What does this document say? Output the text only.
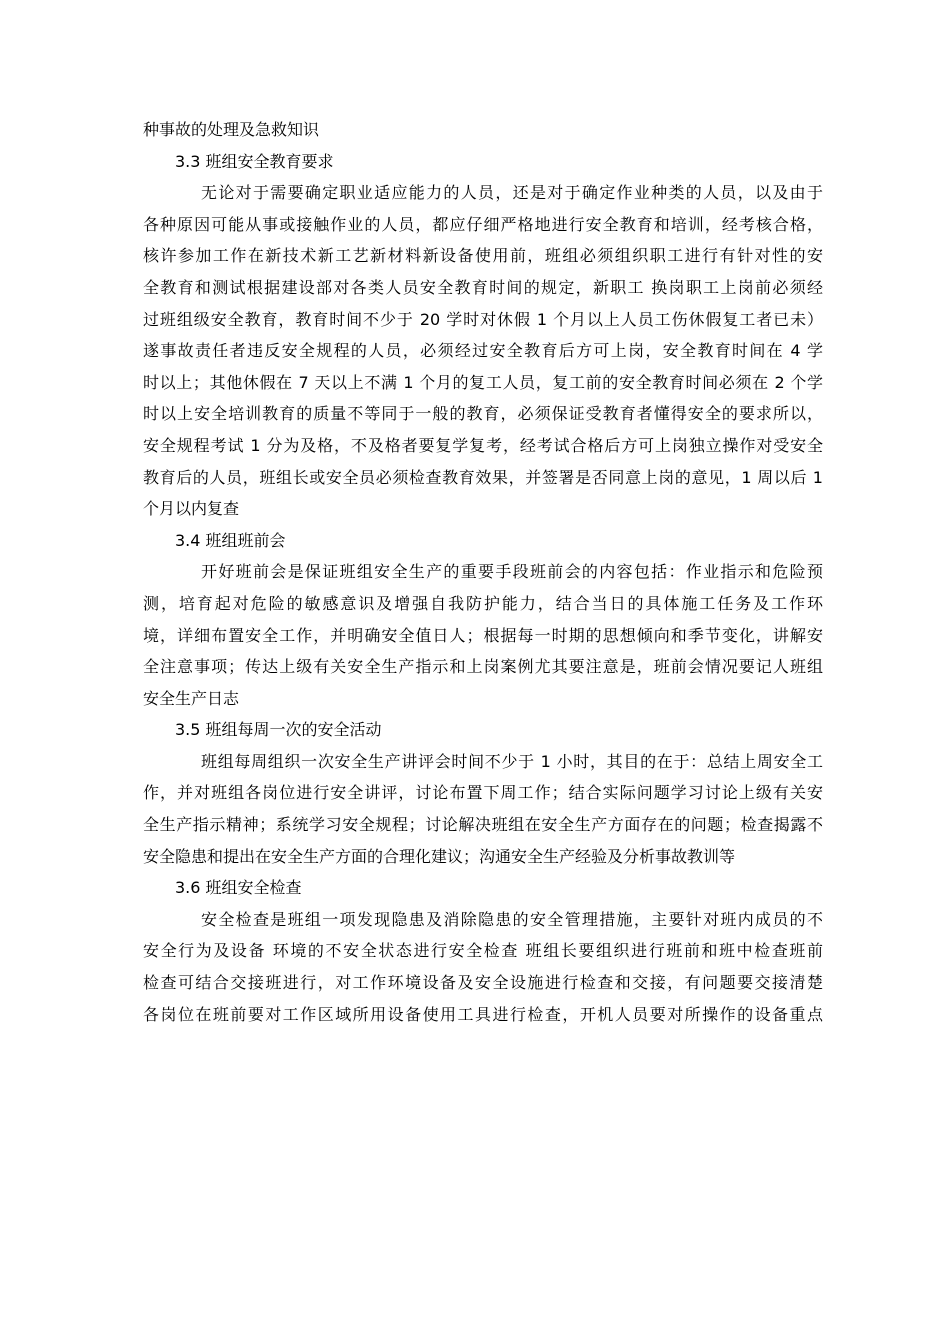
种事故的处理及急救知识
3.3 班组安全教育要求
无论对于需要确定职业适应能力的人员，还是对于确定作业种类的人员，以及由于
各种原因可能从事或接触作业的人员，都应仔细严格地进行安全教育和培训，经考核合格，
核许参加工作在新技术新工艺新材料新设备使用前，班组必须组织职工进行有针对性的安
全教育和测试根据建设部对各类人员安全教育时间的规定，新职工 换岗职工上岗前必须经
过班组级安全教育，教育时间不少于 20 学时对休假 1 个月以上人员工伤休假复工者已未）
遂事故责任者违反安全规程的人员，必须经过安全教育后方可上岗，安全教育时间在 4 学
时以上；其他休假在 7 天以上不满 1 个月的复工人员，复工前的安全教育时间必须在 2 个学
时以上安全培训教育的质量不等同于一般的教育，必须保证受教育者懂得安全的要求所以，
安全规程考试 1 分为及格，不及格者要复学复考，经考试合格后方可上岗独立操作对受安全
教育后的人员，班组长或安全员必须检查教育效果，并签署是否同意上岗的意见，1 周以后 1
个月以内复查
3.4 班组班前会
开好班前会是保证班组安全生产的重要手段班前会的内容包括：作业指示和危险预
测，培育起对危险的敏感意识及增强自我防护能力，结合当日的具体施工任务及工作环
境，详细布置安全工作，并明确安全值日人；根据每一时期的思想倾向和季节变化，讲解安
全注意事项；传达上级有关安全生产指示和上岗案例尤其要注意是，班前会情况要记人班组
安全生产日志
3.5 班组每周一次的安全活动
班组每周组织一次安全生产讲评会时间不少于 1 小时，其目的在于：总结上周安全工
作，并对班组各岗位进行安全讲评，讨论布置下周工作；结合实际问题学习讨论上级有关安
全生产指示精神；系统学习安全规程；讨论解决班组在安全生产方面存在的问题；检查揭露不
安全隐患和提出在安全生产方面的合理化建议；沟通安全生产经验及分析事故教训等
3.6 班组安全检查
安全检查是班组一项发现隐患及消除隐患的安全管理措施，主要针对班内成员的不
安全行为及设备 环境的不安全状态进行安全检查 班组长要组织进行班前和班中检查班前
检查可结合交接班进行，对工作环境设备及安全设施进行检查和交接，有问题要交接清楚
各岗位在班前要对工作区域所用设备使用工具进行检查，开机人员要对所操作的设备重点
